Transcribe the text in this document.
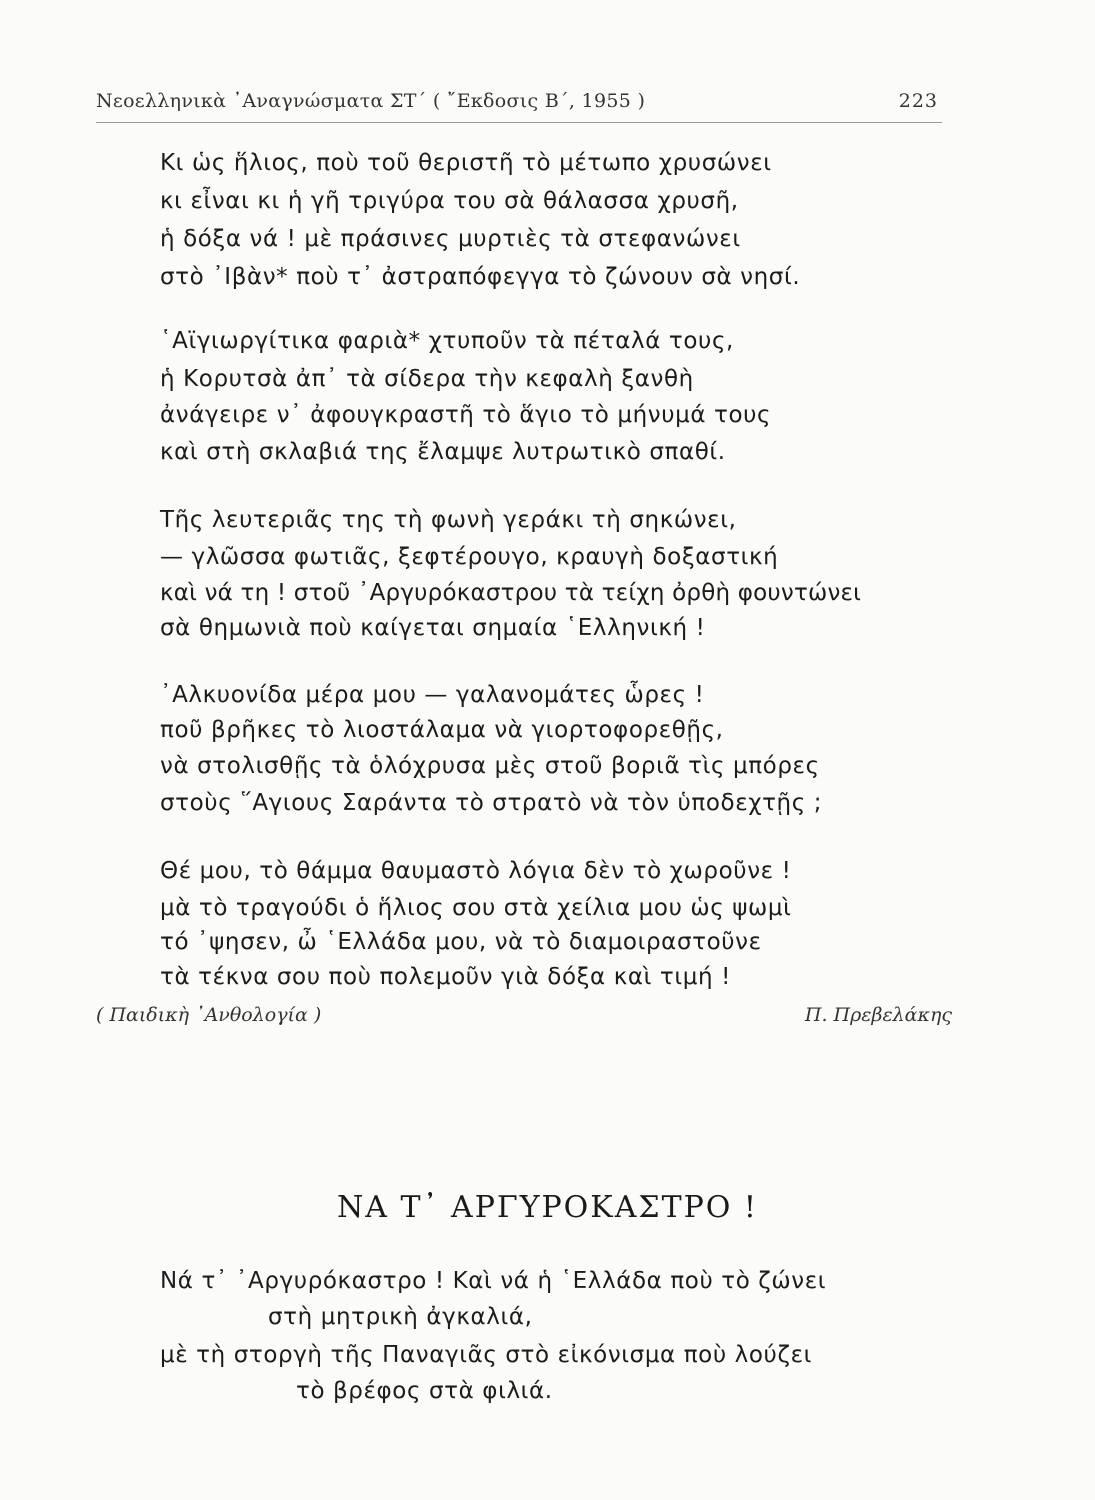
Νεοελληνικὰ ᾿Αναγνώσματα ΣΤ´ ( ῎Εκδοσις Β´, 1955 )	223
Κι ὡς ἥλιος, ποὺ τοῦ θεριστῆ τὸ μέτωπο χρυσώνει
κι εἶναι κι ἡ γῆ τριγύρα του σὰ θάλασσα χρυσῆ,
ἡ δόξα νά ! μὲ πράσινες μυρτιὲς τὰ στεφανώνει
στὸ ᾿Ιβὰν* ποὺ τ᾿ ἀστραπόφεγγα τὸ ζώνουν σὰ νησί.
῾Αϊγιωργίτικα φαριὰ* χτυποῦν τὰ πέταλά τους,
ἡ Κορυτσὰ ἀπ᾿ τὰ σίδερα τὴν κεφαλὴ ξανθὴ
ἀνάγειρε ν᾿ ἀφουγκραστῆ τὸ ἅγιο τὸ μήνυμά τους
καὶ στὴ σκλαβιά της ἔλαμψε λυτρωτικὸ σπαθί.
Τῆς λευτεριᾶς της τὴ φωνὴ γεράκι τὴ σηκώνει,
— γλῶσσα φωτιᾶς, ξεφτέρουγο, κραυγὴ δοξαστική
καὶ νά τη ! στοῦ ᾿Αργυρόκαστρου τὰ τείχη ὀρθὴ φουντώνει
σὰ θημωνιὰ ποὺ καίγεται σημαία ῾Ελληνική !
᾿Αλκυονίδα μέρα μου — γαλανομάτες ὧρες !
ποῦ βρῆκες τὸ λιοστάλαμα νὰ γιορτοφορεθῇς,
νὰ στολισθῇς τὰ ὁλόχρυσα μὲς στοῦ βοριᾶ τὶς μπόρες
στοὺς ῞Αγιους Σαράντα τὸ στρατὸ νὰ τὸν ὑποδεχτῇς ;
Θέ μου, τὸ θάμμα θαυμαστὸ λόγια δὲν τὸ χωροῦνε !
μὰ τὸ τραγούδι ὁ ἥλιος σου στὰ χείλια μου ὡς ψωμὶ
τό ᾿ψησεν, ὦ ῾Ελλάδα μου, νὰ τὸ διαμοιραστοῦνε
τὰ τέκνα σου ποὺ πολεμοῦν γιὰ δόξα καὶ τιμή !
( Παιδικὴ ᾿Ανθολογία )	Π. Πρεβελάκης
ΝΑ Τ᾿ ΑΡΓΥΡΟΚΑΣΤΡΟ !
Νά τ᾿ ᾿Αργυρόκαστρο ! Καὶ νά ἡ ῾Ελλάδα ποὺ τὸ ζώνει
στὴ μητρικὴ ἀγκαλιά,
μὲ τὴ στοργὴ τῆς Παναγιᾶς στὸ εἰκόνισμα ποὺ λούζει
τὸ βρέφος στὰ φιλιά.
